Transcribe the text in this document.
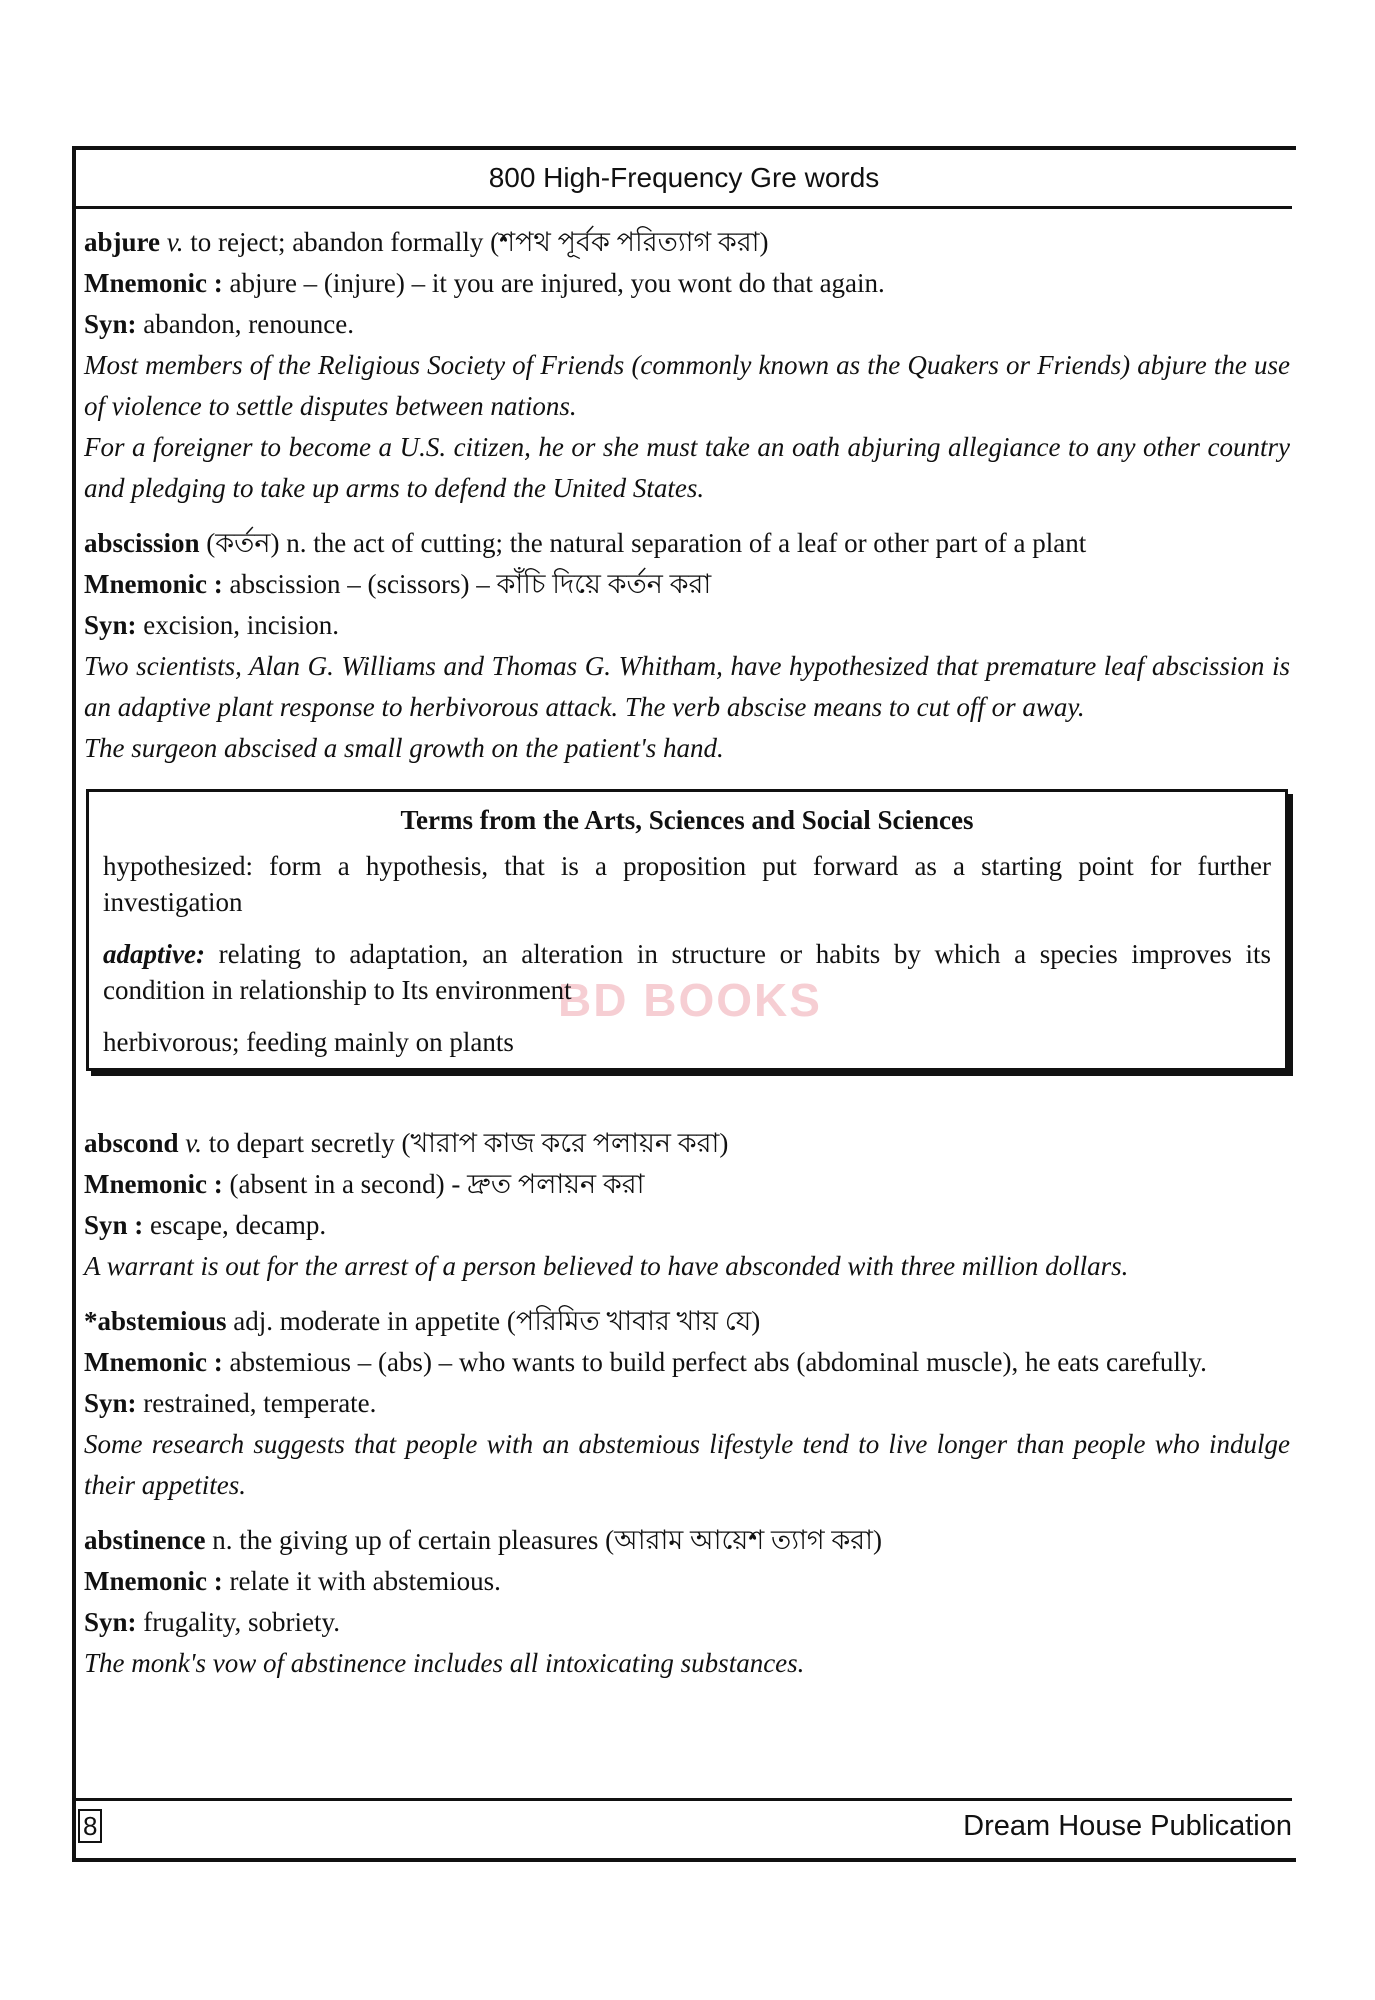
800 High-Frequency Gre words
BD BOOKS

abjure v. to reject; abandon formally (শপথ পূর্বক পরিত্যাগ করা)

Mnemonic : abjure – (injure) – it you are injured, you wont do that again.

Syn: abandon, renounce.

Most members of the Religious Society of Friends (commonly known as the Quakers or Friends) abjure the use of violence to settle disputes between nations.

For a foreigner to become a U.S. citizen, he or she must take an oath abjuring allegiance to any other country and pledging to take up arms to defend the United States.

abscission (কর্তন) n. the act of cutting; the natural separation of a leaf or other part of a plant

Mnemonic : abscission – (scissors) – কাঁচি দিয়ে কর্তন করা

Syn: excision, incision.

Two scientists, Alan G. Williams and Thomas G. Whitham, have hypothesized that premature leaf abscission is an adaptive plant response to herbivorous attack. The verb abscise means to cut off or away.

The surgeon abscised a small growth on the patient's hand.

Terms from the Arts, Sciences and Social Sciences
hypothesized: form a hypothesis, that is a proposition put forward as a starting point for further investigation
adaptive: relating to adaptation, an alteration in structure or habits by which a species improves its condition in relationship to Its environment
herbivorous; feeding mainly on plants

abscond v. to depart secretly (খারাপ কাজ করে পলায়ন করা)

Mnemonic : (absent in a second) - দ্রুত পলায়ন করা

Syn : escape, decamp.

A warrant is out for the arrest of a person believed to have absconded with three million dollars.

*abstemious adj. moderate in appetite (পরিমিত খাবার খায় যে)

Mnemonic : abstemious – (abs) – who wants to build perfect abs (abdominal muscle), he eats carefully.

Syn: restrained, temperate.

Some research suggests that people with an abstemious lifestyle tend to live longer than people who indulge their appetites.

abstinence n. the giving up of certain pleasures (আরাম আয়েশ ত্যাগ করা)

Mnemonic : relate it with abstemious.

Syn: frugality, sobriety.

The monk's vow of abstinence includes all intoxicating substances.

8	Dream House Publication
